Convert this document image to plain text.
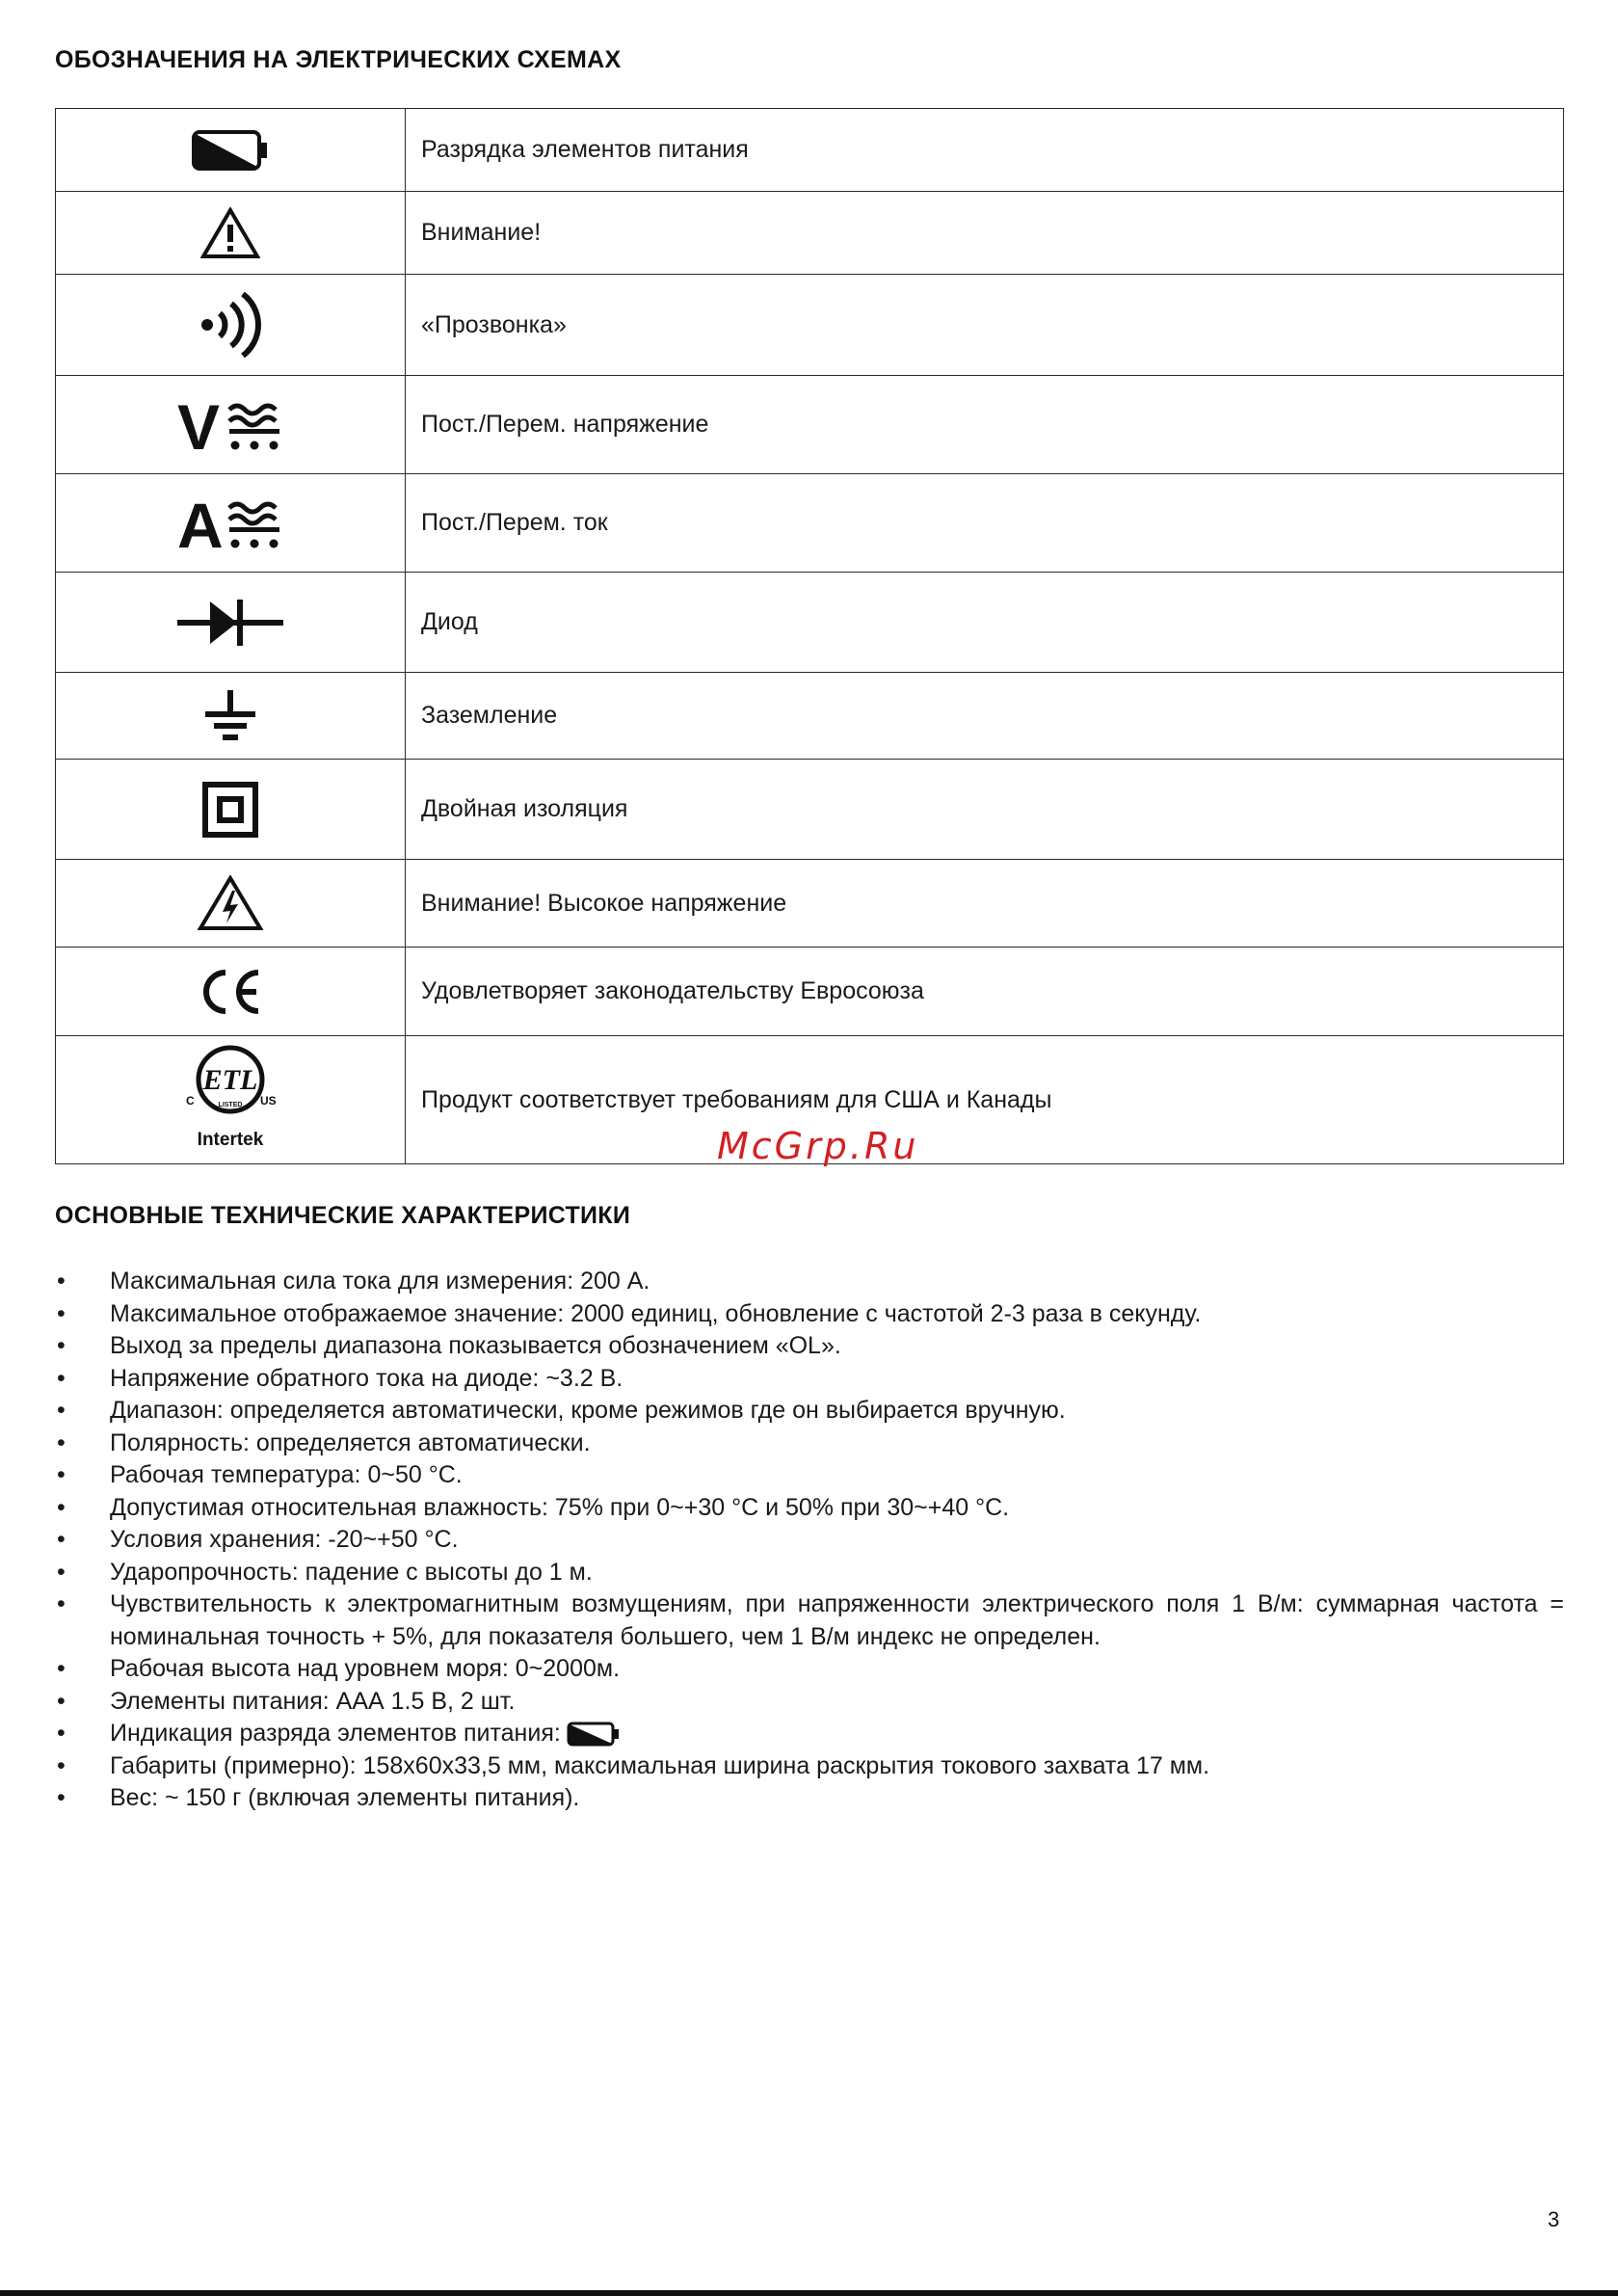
ОБОЗНАЧЕНИЯ НА ЭЛЕКТРИЧЕСКИХ СХЕМАХ
	Разрядка элементов питания
	Внимание!
	«Прозвонка»

V	Пост./Перем. напряжение

A	Пост./Перем. ток
	Диод
	Заземление
	Двойная изоляция
	Внимание! Высокое напряжение
	Удовлетворяет законодательству Евросоюза

ETL
LISTED
C US
Intertek	Продукт соответствует требованиям для США и Канады
McGrp.Ru
ОСНОВНЫЕ ТЕХНИЧЕСКИЕ ХАРАКТЕРИСТИКИ
• Максимальная сила тока для измерения: 200 А.
• Максимальное отображаемое значение: 2000 единиц, обновление с частотой 2-3 раза в секунду.
• Выход за пределы диапазона показывается обозначением «OL».
• Напряжение обратного тока на диоде: ~3.2 В.
• Диапазон: определяется автоматически, кроме режимов где он выбирается вручную.
• Полярность: определяется автоматически.
• Рабочая температура: 0~50 °С.
• Допустимая относительная влажность: 75% при 0~+30 °С и 50% при 30~+40 °С.
• Условия хранения: -20~+50 °С.
• Ударопрочность: падение с высоты до 1 м.
• Чувствительность к электромагнитным возмущениям, при напряженности электрического поля 1 В/м: суммарная частота = номинальная точность + 5%, для показателя большего, чем 1 В/м индекс не определен.
• Рабочая высота над уровнем моря: 0~2000м.
• Элементы питания: ААА 1.5 В, 2 шт.
• Индикация разряда элементов питания:
• Габариты (примерно): 158х60х33,5 мм, максимальная ширина раскрытия токового захвата 17 мм.
• Вес: ~ 150 г (включая элементы питания).
3
